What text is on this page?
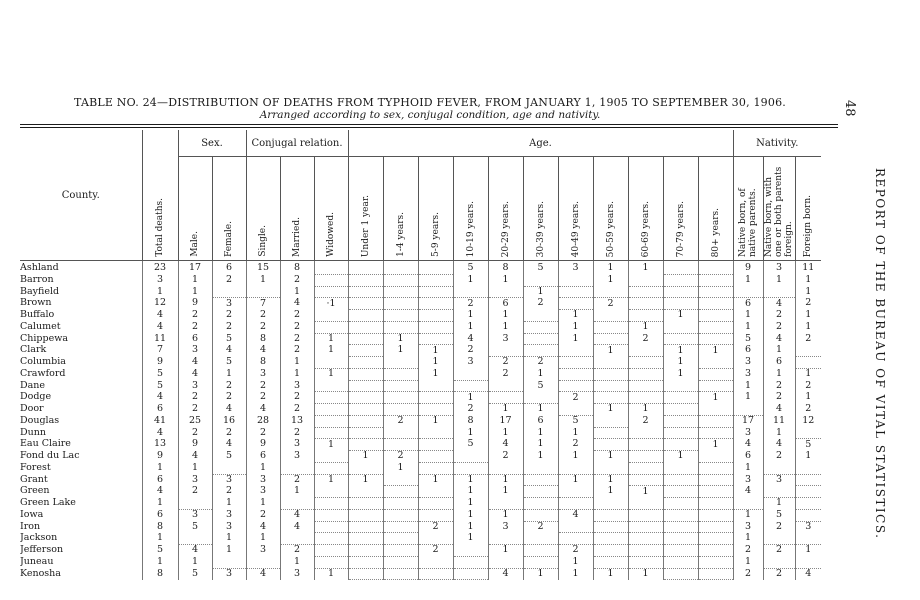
TABLE NO. 24—DISTRIBUTION OF DEATHS FROM TYPHOID FEVER, FROM JANUARY 1, 1905 TO SEPTEMBER 30, 1906.
Arranged according to sex, conjugal condition, age and nativity.	48
REPORT OF THE BUREAU OF VITAL STATISTICS.
County.	Total deaths.	Sex.		Conjugal relation.			Age.											Nativity.		
		Male.	Female.	Single.	Married.	Widowed.	Under 1 year.	1-4 years.	5-9 years.	10-19 years.	20-29 years.	30-39 years.	40-49 years.	50-59 years.	60-69 years.	70-79 years.	80+ years.	Native born, of native parents.	Native born, with one or both parents foreign.	Foreign born.

Ashland	23	17	6	15	8					5	8	5	3	1	1			9	3	11
Barron	3	1	2	1	2					1	1			1				1	1	1
Bayfield	1	1			1							1								1
Brown	12	9	3	7	4	·1				2	6	2		2				6	4	2
Buffalo	4	2	2	2	2					1	1		1			1		1	2	1
Calumet	4	2	2	2	2					1	1		1		1			1	2	1
Chippewa	11	6	5	8	2	1		1		4	3		1		2			5	4	2
Clark	7	3	4	4	2	1		1	1	2				1		1	1	6	1	
Columbia	9	4	5	8	1				1	3	2	2				1		3	6	
Crawford	5	4	1	3	1	1			1		2	1				1		3	1	1
Dane	5	3	2	2	3							5						1	2	2
Dodge	4	2	2	2	2					1			2				1	1	2	1
Door	6	2	4	4	2					2	1	1		1	1				4	2
Douglas	41	25	16	28	13			2	1	8	17	6	5		2			17	11	12
Dunn	4	2	2	2	2					1	1	1	1					3	1	
Eau Claire	13	9	4	9	3	1				5	4	1	2				1	4	4	5
Fond du Lac	9	4	5	6	3		1	2			2	1	1	1		1		6	2	1
Forest	1	1		1				1										1		
Grant	6	3	3	3	2	1	1		1	1	1		1	1				3	3	
Green	4	2	2	3	1					1	1			1	1			4		
Green Lake	1		1	1						1									1	
Iowa	6	3	3	2	4					1	1		4					1	5	
Iron	8	5	3	4	4				2	1	3	2						3	2	3
Jackson	1		1	1						1								1		
Jefferson	5	4	1	3	2				2		1		2					2	2	1
Juneau	1	1			1								1					1		
Kenosha	8	5	3	4	3	1					4	1	1	1	1			2	2	4
